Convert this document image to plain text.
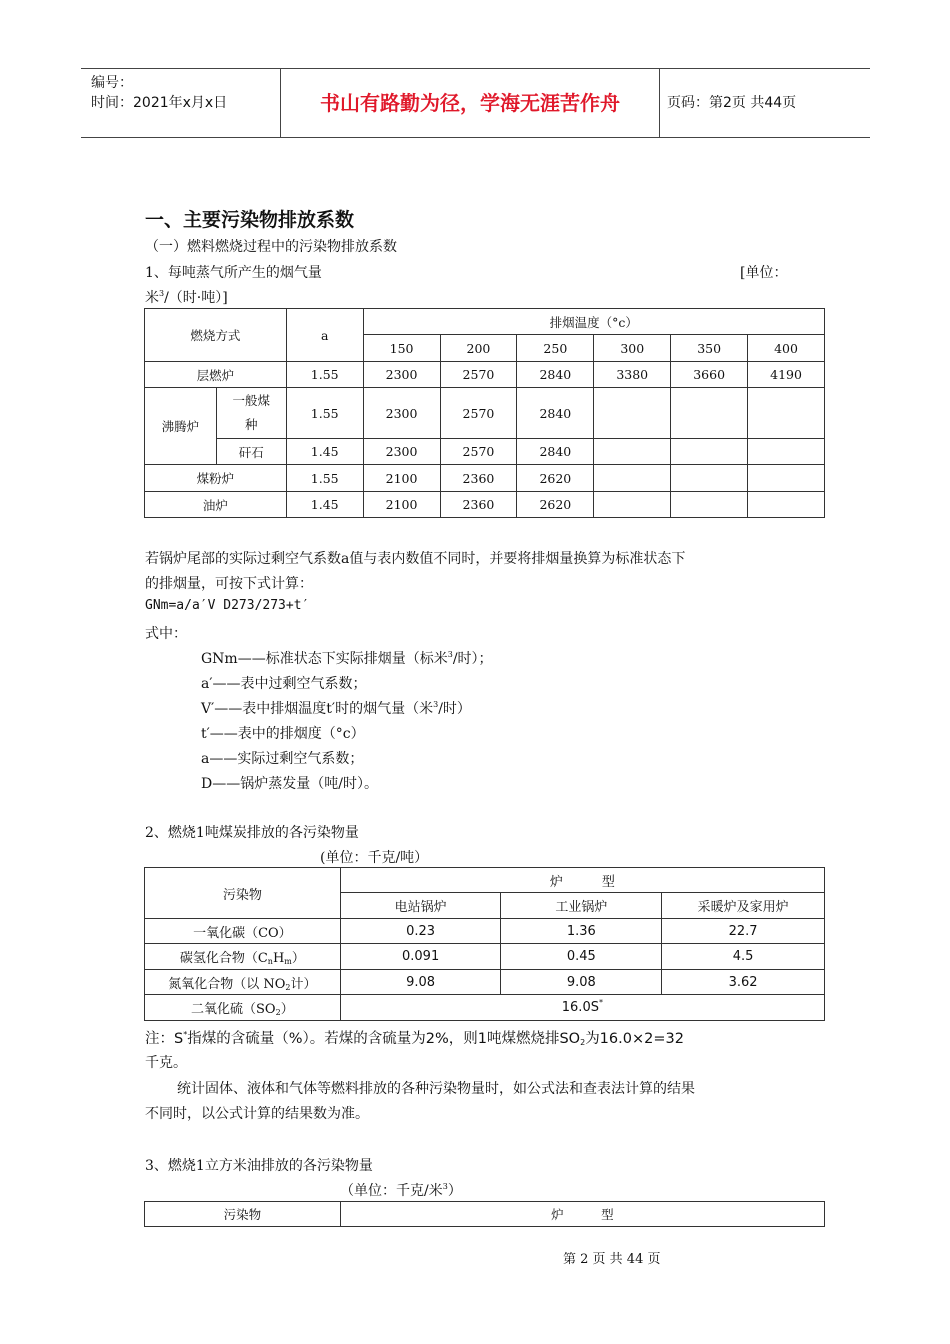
编号：
时间：2021年x月x日	书山有路勤为径，学海无涯苦作舟	页码：第2页 共44页
一、主要污染物排放系数
（一）燃料燃烧过程中的污染物排放系数
1、每吨蒸气所产生的烟气量	[单位：
米$^3$/（时·吨）]
燃烧方式		a	排烟温度（°c）					
			150	200	250	300	350	400
层燃炉		1.55	2300	2570	2840	3380	3660	4190
沸腾炉	一般煤种	1.55	2300	2570	2840			
	矸石	1.45	2300	2570	2840			
煤粉炉		1.55	2100	2360	2620			
油炉		1.45	2100	2360	2620			
若锅炉尾部的实际过剩空气系数a值与表内数值不同时，并要将排烟量换算为标准状态下
的排烟量，可按下式计算：
GNm=a/a′V D273/273+t′
式中：
GNm——标准状态下实际排烟量（标米$^3$/时）；
a′——表中过剩空气系数；
V′——表中排烟温度t′时的烟气量（米$^3$/时）
t′——表中的排烟度（°c）
a——实际过剩空气系数；
D——锅炉蒸发量（吨/时）。
2、燃烧1吨煤炭排放的各污染物量
(单位：千克/吨）
污染物	炉　　　型		
	电站锅炉	工业锅炉	采暖炉及家用炉
一氧化碳（CO）	0.23	1.36	22.7
碳氢化合物$(C_nH_m)$	0.091	0.45	4.5
氮氧化合物（以 $NO_2$计）	9.08	9.08	3.62
二氧化硫$(SO_2)$	16.0S*
注：S*指煤的含硫量（%）。若煤的含硫量为2%，则1吨煤燃烧排$SO_2$为16.0×2=32
千克。
统计固体、液体和气体等燃料排放的各种污染物量时，如公式法和查表法计算的结果
不同时，以公式计算的结果数为准。
3、燃烧1立方米油排放的各污染物量
（单位：千克/米$^3$）
污染物	炉　　　型
第 2 页 共 44 页
